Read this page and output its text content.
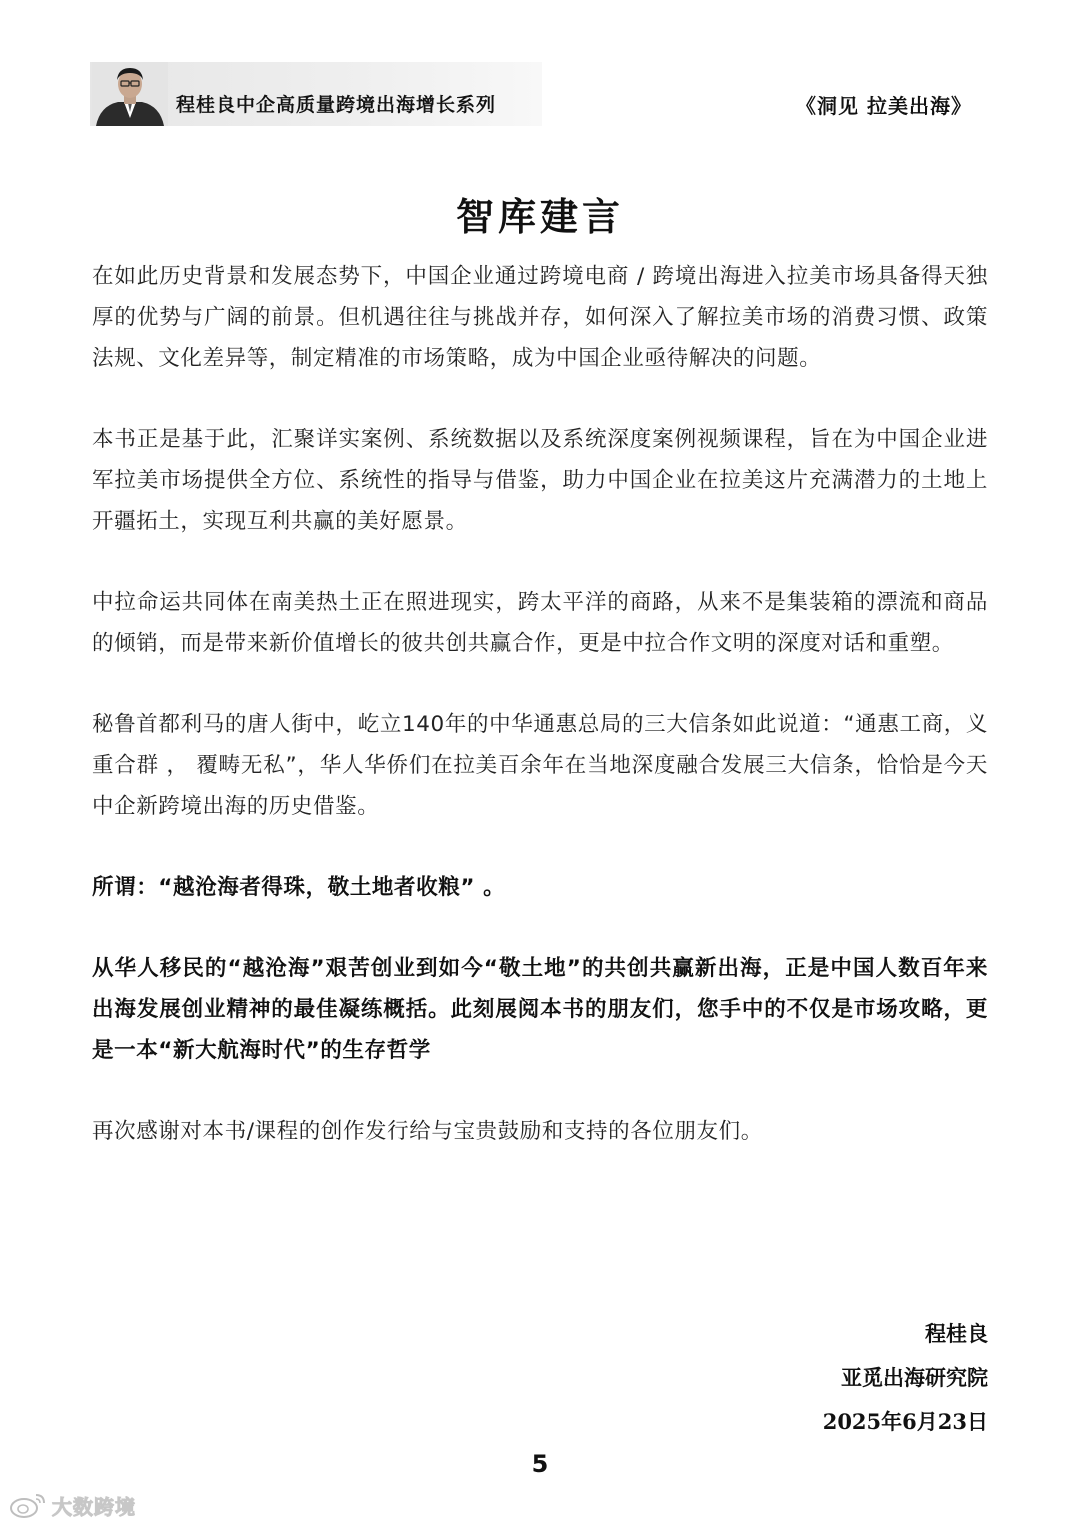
程桂良中企高质量跨境出海增长系列	《洞见 拉美出海》
智库建言

在如此历史背景和发展态势下，中国企业通过跨境电商 / 跨境出海进入拉美市场具备得天独厚的优势与广阔的前景。但机遇往往与挑战并存，如何深入了解拉美市场的消费习惯、政策法规、文化差异等，制定精准的市场策略，成为中国企业亟待解决的问题。

本书正是基于此，汇聚详实案例、系统数据以及系统深度案例视频课程，旨在为中国企业进军拉美市场提供全方位、系统性的指导与借鉴，助力中国企业在拉美这片充满潜力的土地上开疆拓土，实现互利共赢的美好愿景。

中拉命运共同体在南美热土正在照进现实，跨太平洋的商路，从来不是集装箱的漂流和商品的倾销，而是带来新价值增长的彼共创共赢合作，更是中拉合作文明的深度对话和重塑。

秘鲁首都利马的唐人街中，屹立140年的中华通惠总局的三大信条如此说道：“通惠工商，义重合群 ， 覆畴无私”，华人华侨们在拉美百余年在当地深度融合发展三大信条，恰恰是今天中企新跨境出海的历史借鉴。

所谓：“越沧海者得珠，敬土地者收粮” 。

从华人移民的“越沧海”艰苦创业到如今“敬土地”的共创共赢新出海，正是中国人数百年来出海发展创业精神的最佳凝练概括。此刻展阅本书的朋友们，您手中的不仅是市场攻略，更是一本“新大航海时代”的生存哲学

再次感谢对本书/课程的创作发行给与宝贵鼓励和支持的各位朋友们。

程桂良
亚觅出海研究院
2025年6月23日
5
大数跨境
